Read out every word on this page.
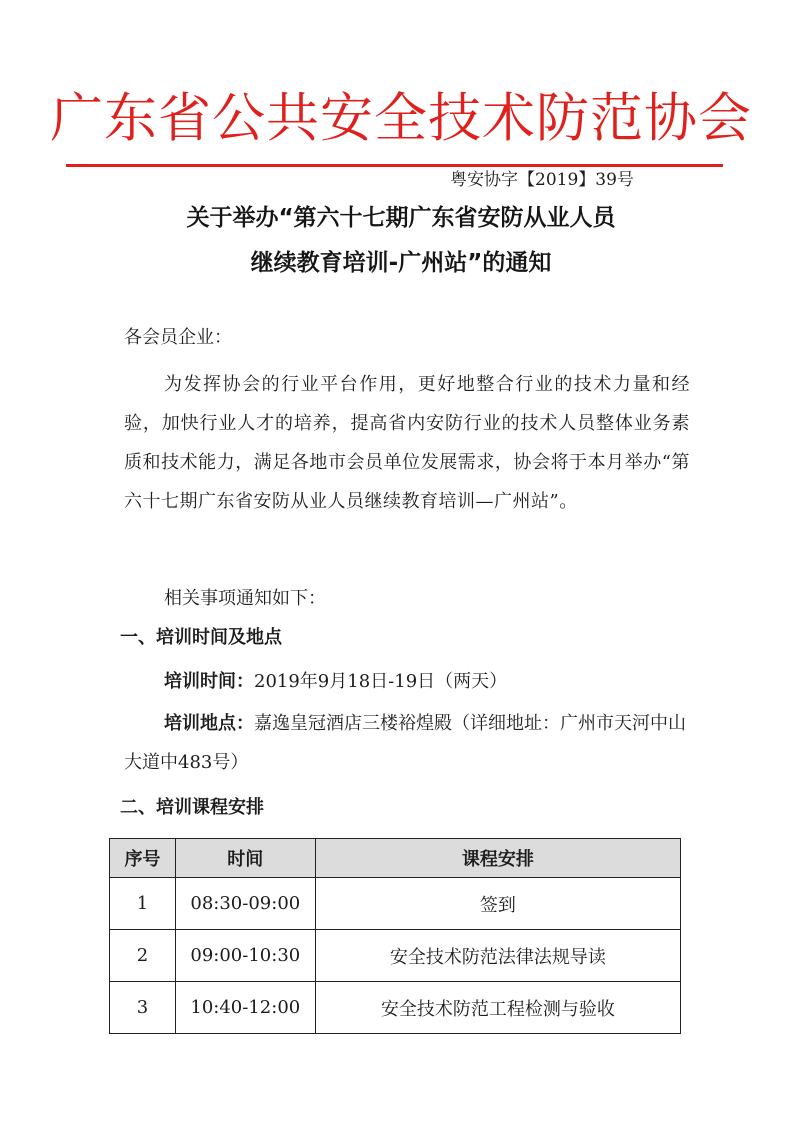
广东省公共安全技术防范协会
粤安协字【2019】39号
关于举办“第六十七期广东省安防从业人员
继续教育培训-广州站”的通知
各会员企业：
为发挥协会的行业平台作用，更好地整合行业的技术力量和经验，加快行业人才的培养，提高省内安防行业的技术人员整体业务素质和技术能力，满足各地市会员单位发展需求，协会将于本月举办“第六十七期广东省安防从业人员继续教育培训—广州站”。
相关事项通知如下：
一、培训时间及地点
培训时间：2019年9月18日-19日（两天）
培训地点：嘉逸皇冠酒店三楼裕煌殿（详细地址：广州市天河中山大道中483号）
二、培训课程安排
序号	时间	课程安排
1	08:30-09:00	签到
2	09:00-10:30	安全技术防范法律法规导读
3	10:40-12:00	安全技术防范工程检测与验收
